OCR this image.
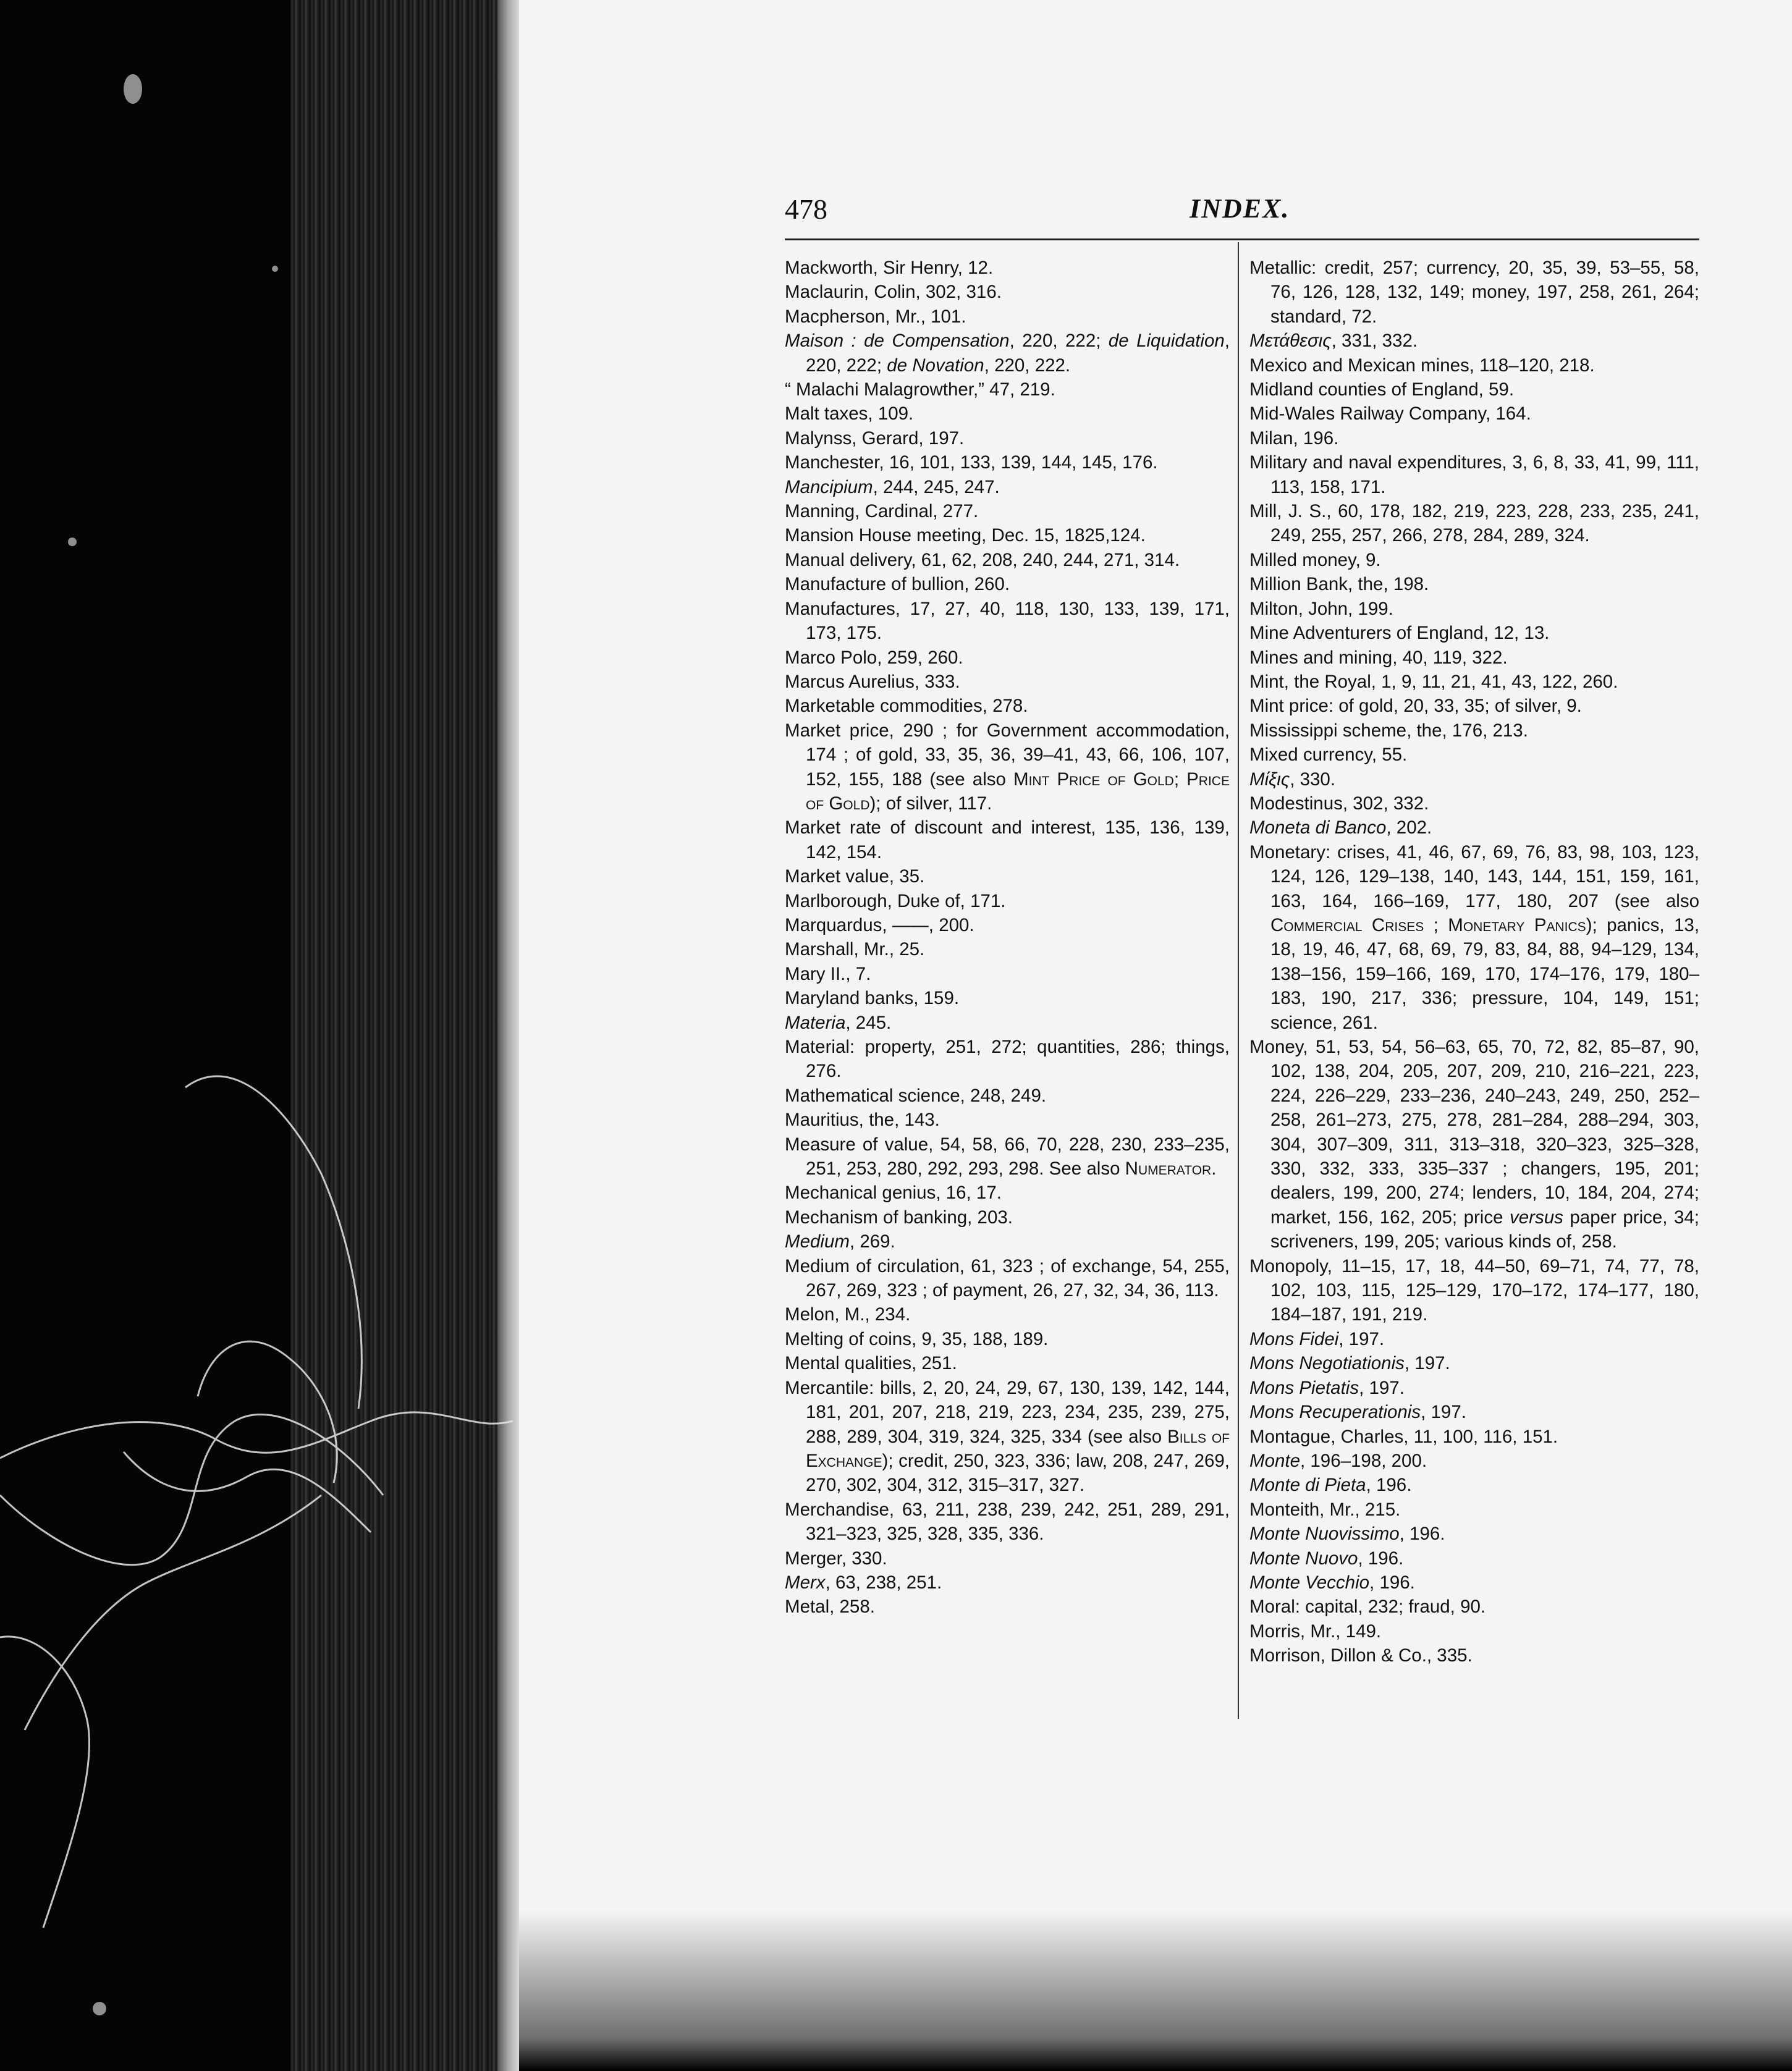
478	INDEX.

Mackworth, Sir Henry, 12.

Maclaurin, Colin, 302, 316.

Macpherson, Mr., 101.

Maison : de Compensation, 220, 222; de Liquidation, 220, 222; de Novation, 220, 222.

“ Malachi Malagrowther,” 47, 219.

Malt taxes, 109.

Malynss, Gerard, 197.

Manchester, 16, 101, 133, 139, 144, 145, 176.

Mancipium, 244, 245, 247.

Manning, Cardinal, 277.

Mansion House meeting, Dec. 15, 1825,124.

Manual delivery, 61, 62, 208, 240, 244, 271, 314.

Manufacture of bullion, 260.

Manufactures, 17, 27, 40, 118, 130, 133, 139, 171, 173, 175.

Marco Polo, 259, 260.

Marcus Aurelius, 333.

Marketable commodities, 278.

Market price, 290 ; for Government accommodation, 174 ; of gold, 33, 35, 36, 39–41, 43, 66, 106, 107, 152, 155, 188 (see also Mint Price of Gold; Price of Gold); of silver, 117.

Market rate of discount and interest, 135, 136, 139, 142, 154.

Market value, 35.

Marlborough, Duke of, 171.

Marquardus, ——, 200.

Marshall, Mr., 25.

Mary II., 7.

Maryland banks, 159.

Materia, 245.

Material: property, 251, 272; quantities, 286; things, 276.

Mathematical science, 248, 249.

Mauritius, the, 143.

Measure of value, 54, 58, 66, 70, 228, 230, 233–235, 251, 253, 280, 292, 293, 298. See also Numerator.

Mechanical genius, 16, 17.

Mechanism of banking, 203.

Medium, 269.

Medium of circulation, 61, 323 ; of exchange, 54, 255, 267, 269, 323 ; of payment, 26, 27, 32, 34, 36, 113.

Melon, M., 234.

Melting of coins, 9, 35, 188, 189.

Mental qualities, 251.

Mercantile: bills, 2, 20, 24, 29, 67, 130, 139, 142, 144, 181, 201, 207, 218, 219, 223, 234, 235, 239, 275, 288, 289, 304, 319, 324, 325, 334 (see also Bills of Exchange); credit, 250, 323, 336; law, 208, 247, 269, 270, 302, 304, 312, 315–317, 327.

Merchandise, 63, 211, 238, 239, 242, 251, 289, 291, 321–323, 325, 328, 335, 336.

Merger, 330.

Merx, 63, 238, 251.

Metal, 258.

Metallic: credit, 257; currency, 20, 35, 39, 53–55, 58, 76, 126, 128, 132, 149; money, 197, 258, 261, 264; standard, 72.

Μετάθεσις, 331, 332.

Mexico and Mexican mines, 118–120, 218.

Midland counties of England, 59.

Mid-Wales Railway Company, 164.

Milan, 196.

Military and naval expenditures, 3, 6, 8, 33, 41, 99, 111, 113, 158, 171.

Mill, J. S., 60, 178, 182, 219, 223, 228, 233, 235, 241, 249, 255, 257, 266, 278, 284, 289, 324.

Milled money, 9.

Million Bank, the, 198.

Milton, John, 199.

Mine Adventurers of England, 12, 13.

Mines and mining, 40, 119, 322.

Mint, the Royal, 1, 9, 11, 21, 41, 43, 122, 260.

Mint price: of gold, 20, 33, 35; of silver, 9.

Mississippi scheme, the, 176, 213.

Mixed currency, 55.

Μίξις, 330.

Modestinus, 302, 332.

Moneta di Banco, 202.

Monetary: crises, 41, 46, 67, 69, 76, 83, 98, 103, 123, 124, 126, 129–138, 140, 143, 144, 151, 159, 161, 163, 164, 166–169, 177, 180, 207 (see also Commercial Crises ; Monetary Panics); panics, 13, 18, 19, 46, 47, 68, 69, 79, 83, 84, 88, 94–129, 134, 138–156, 159–166, 169, 170, 174–176, 179, 180–183, 190, 217, 336; pressure, 104, 149, 151; science, 261.

Money, 51, 53, 54, 56–63, 65, 70, 72, 82, 85–87, 90, 102, 138, 204, 205, 207, 209, 210, 216–221, 223, 224, 226–229, 233–236, 240–243, 249, 250, 252–258, 261–273, 275, 278, 281–284, 288–294, 303, 304, 307–309, 311, 313–318, 320–323, 325–328, 330, 332, 333, 335–337 ; changers, 195, 201; dealers, 199, 200, 274; lenders, 10, 184, 204, 274; market, 156, 162, 205; price versus paper price, 34; scriveners, 199, 205; various kinds of, 258.

Monopoly, 11–15, 17, 18, 44–50, 69–71, 74, 77, 78, 102, 103, 115, 125–129, 170–172, 174–177, 180, 184–187, 191, 219.

Mons Fidei, 197.

Mons Negotiationis, 197.

Mons Pietatis, 197.

Mons Recuperationis, 197.

Montague, Charles, 11, 100, 116, 151.

Monte, 196–198, 200.

Monte di Pieta, 196.

Monteith, Mr., 215.

Monte Nuovissimo, 196.

Monte Nuovo, 196.

Monte Vecchio, 196.

Moral: capital, 232; fraud, 90.

Morris, Mr., 149.

Morrison, Dillon & Co., 335.
